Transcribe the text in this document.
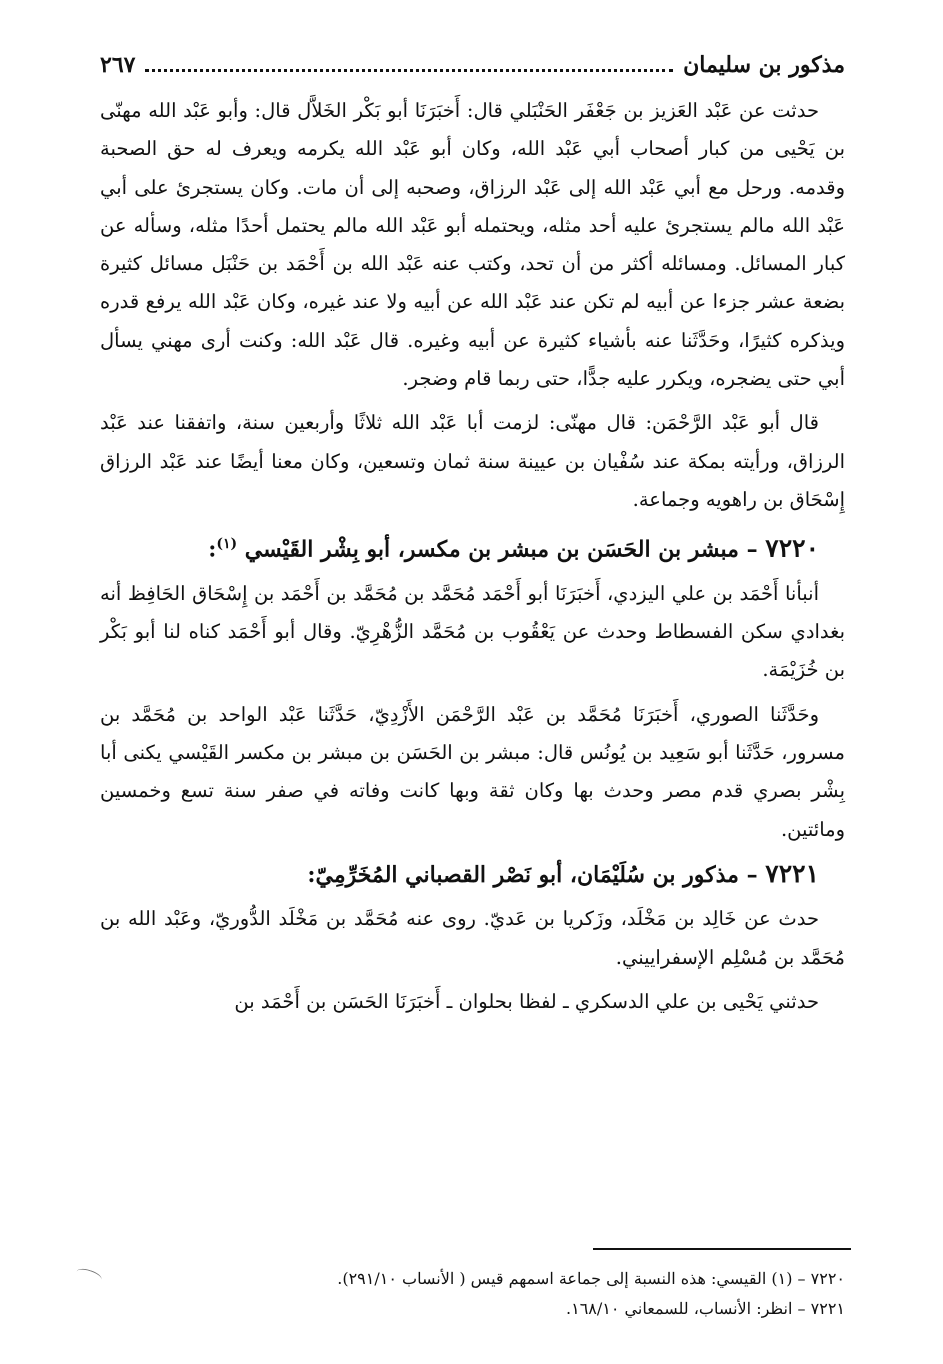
مذكور بن سليمان
٢٦٧

حدثت عن عَبْد العَزيز بن جَعْفَر الحَنْبَلي قال: أَخبَرَنَا أبو بَكْر الخَلاَّل قال: وأبو عَبْد الله مهنّى بن يَحْيى من كبار أصحاب أبي عَبْد الله، وكان أبو عَبْد الله يكرمه ويعرف له حق الصحبة وقدمه. ورحل مع أبي عَبْد الله إلى عَبْد الرزاق، وصحبه إلى أن مات. وكان يستجرئ على أبي عَبْد الله مالم يستجرئ عليه أحد مثله، ويحتمله أبو عَبْد الله مالم يحتمل أحدًا مثله، وسأله عن كبار المسائل. ومسائله أكثر من أن تحد، وكتب عنه عَبْد الله بن أَحْمَد بن حَنْبَل مسائل كثيرة بضعة عشر جزءا عن أبيه لم تكن عند عَبْد الله عن أبيه ولا عند غيره، وكان عَبْد الله يرفع قدره ويذكره كثيرًا، وحَدَّثَنا عنه بأشياء كثيرة عن أبيه وغيره. قال عَبْد الله: وكنت أرى مهني يسأل أبي حتى يضجره، ويكرر عليه جدًّا، حتى ربما قام وضجر.

قال أبو عَبْد الرَّحْمَن: قال مهنّى: لزمت أبا عَبْد الله ثلاثًا وأربعين سنة، واتفقنا عند عَبْد الرزاق، ورأيته بمكة عند سُفْيان بن عيينة سنة ثمان وتسعين، وكان معنا أيضًا عند عَبْد الرزاق إِسْحَاق بن راهويه وجماعة.

٧٢٢٠ – مبشر بن الحَسَن بن مبشر بن مكسر، أبو بِشْر القَيْسي $^{(١)}$:

أنبأنا أَحْمَد بن علي اليزدي، أَخبَرَنَا أبو أَحْمَد مُحَمَّد بن مُحَمَّد بن أَحْمَد بن إِسْحَاق الحَافِظ أنه بغدادي سكن الفسطاط وحدث عن يَعْقُوب بن مُحَمَّد الزُّهْرِيّ. وقال أبو أَحْمَد كناه لنا أبو بَكْر بن خُزَيْمَة.

وحَدَّثَنا الصوري، أَخبَرَنَا مُحَمَّد بن عَبْد الرَّحْمَن الأَزْدِيّ، حَدَّثَنا عَبْد الواحد بن مُحَمَّد بن مسرور، حَدَّثَنا أبو سَعِيد بن يُونُس قال: مبشر بن الحَسَن بن مبشر بن مكسر القَيْسي يكنى أبا بِشْر بصري قدم مصر وحدث بها وكان ثقة وبها كانت وفاته في صفر سنة تسع وخمسين ومائتين.

٧٢٢١ – مذكور بن سُلَيْمَان، أبو نَصْر القصباني المُخَرِّمِيّ:

حدث عن خَالِد بن مَخْلَد، وزَكريا بن عَديّ. روى عنه مُحَمَّد بن مَخْلَد الدُّوريّ، وعَبْد الله بن مُحَمَّد بن مُسْلِم الإسفراييني.

حدثني يَحْيى بن علي الدسكري ـ لفظا بحلوان ـ أَخبَرَنَا الحَسَن بن أَحْمَد بن

٧٢٢٠ – (١) القيسي: هذه النسبة إلى جماعة اسمهم قيس ( الأنساب ٢٩١/١٠).

٧٢٢١ – انظر: الأنساب، للسمعاني ١٦٨/١٠.
